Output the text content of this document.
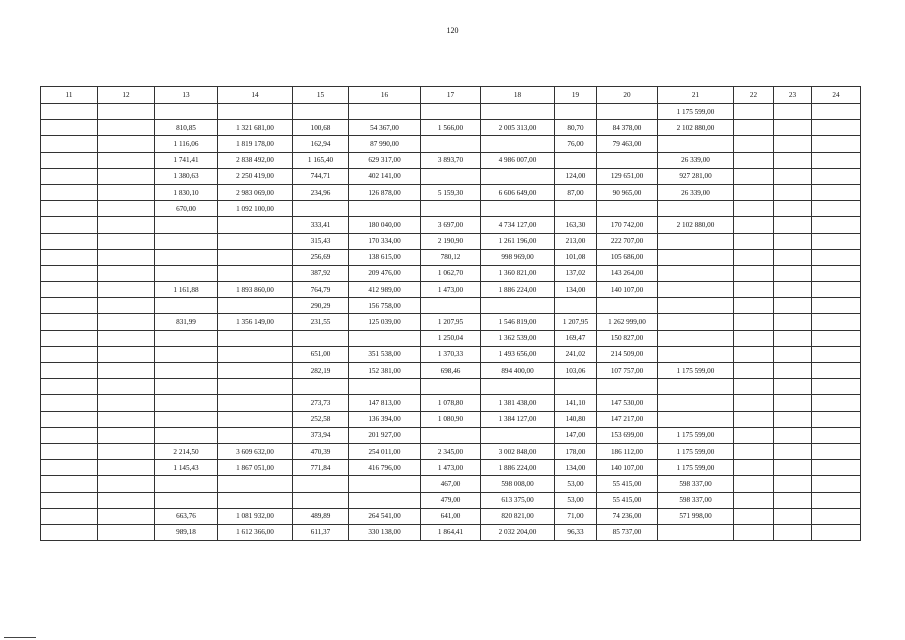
120
11	12	13	14	15	16	17	18	19	20	21	22	23	24
										1 175 599,00			
		810,85	1 321 681,00	100,68	54 367,00	1 566,00	2 005 313,00	80,70	84 378,00	2 102 880,00			
		1 116,06	1 819 178,00	162,94	87 990,00			76,00	79 463,00				
		1 741,41	2 838 492,00	1 165,40	629 317,00	3 893,70	4 986 007,00			26 339,00			
		1 380,63	2 250 419,00	744,71	402 141,00			124,00	129 651,00	927 281,00			
		1 830,10	2 983 069,00	234,96	126 878,00	5 159,30	6 606 649,00	87,00	90 965,00	26 339,00			
		670,00	1 092 100,00										
				333,41	180 040,00	3 697,00	4 734 127,00	163,30	170 742,00	2 102 880,00			
				315,43	170 334,00	2 190,90	1 261 196,00	213,00	222 707,00				
				256,69	138 615,00	780,12	998 969,00	101,08	105 686,00				
				387,92	209 476,00	1 062,70	1 360 821,00	137,02	143 264,00				
		1 161,88	1 893 860,00	764,79	412 989,00	1 473,00	1 886 224,00	134,00	140 107,00				
				290,29	156 758,00								
		831,99	1 356 149,00	231,55	125 039,00	1 207,95	1 546 819,00	1 207,95	1 262 999,00				
						1 250,04	1 362 539,00	169,47	150 827,00				
				651,00	351 538,00	1 370,33	1 493 656,00	241,02	214 509,00				
				282,19	152 381,00	698,46	894 400,00	103,06	107 757,00	1 175 599,00			

				273,73	147 813,00	1 078,80	1 381 438,00	141,10	147 530,00				
				252,58	136 394,00	1 080,90	1 384 127,00	140,80	147 217,00				
				373,94	201 927,00			147,00	153 699,00	1 175 599,00			
		2 214,50	3 609 632,00	470,39	254 011,00	2 345,00	3 002 848,00	178,00	186 112,00	1 175 599,00			
		1 145,43	1 867 051,00	771,84	416 796,00	1 473,00	1 886 224,00	134,00	140 107,00	1 175 599,00			
						467,00	598 008,00	53,00	55 415,00	598 337,00			
						479,00	613 375,00	53,00	55 415,00	598 337,00			
		663,76	1 081 932,00	489,89	264 541,00	641,00	820 821,00	71,00	74 236,00	571 998,00			
		989,18	1 612 366,00	611,37	330 138,00	1 864,41	2 032 204,00	96,33	85 737,00				
